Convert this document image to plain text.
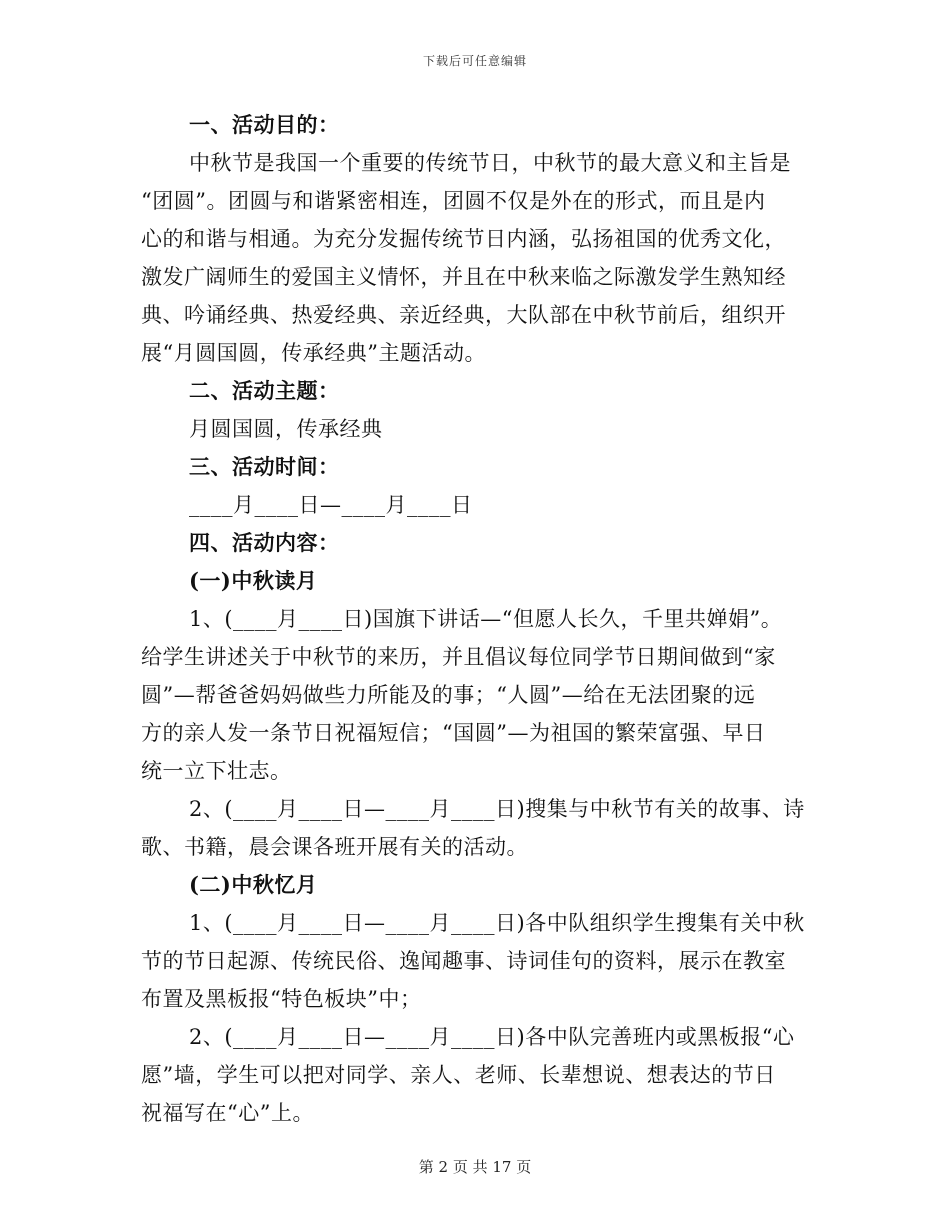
下载后可任意编辑
一、活动目的：
中秋节是我国一个重要的传统节日，中秋节的最大意义和主旨是
“团圆”。团圆与和谐紧密相连，团圆不仅是外在的形式，而且是内
心的和谐与相通。为充分发掘传统节日内涵，弘扬祖国的优秀文化，
激发广阔师生的爱国主义情怀，并且在中秋来临之际激发学生熟知经
典、吟诵经典、热爱经典、亲近经典，大队部在中秋节前后，组织开
展“月圆国圆，传承经典”主题活动。
二、活动主题：
月圆国圆，传承经典
三、活动时间：
____月____日—____月____日
四、活动内容：
(一)中秋读月
1、(____月____日)国旗下讲话—“但愿人长久，千里共婵娟”。
给学生讲述关于中秋节的来历，并且倡议每位同学节日期间做到“家
圆”—帮爸爸妈妈做些力所能及的事；“人圆”—给在无法团聚的远
方的亲人发一条节日祝福短信；“国圆”—为祖国的繁荣富强、早日
统一立下壮志。
2、(____月____日—____月____日)搜集与中秋节有关的故事、诗
歌、书籍，晨会课各班开展有关的活动。
(二)中秋忆月
1、(____月____日—____月____日)各中队组织学生搜集有关中秋
节的节日起源、传统民俗、逸闻趣事、诗词佳句的资料，展示在教室
布置及黑板报“特色板块”中；
2、(____月____日—____月____日)各中队完善班内或黑板报“心
愿”墙，学生可以把对同学、亲人、老师、长辈想说、想表达的节日
祝福写在“心”上。
第 2 页 共 17 页
